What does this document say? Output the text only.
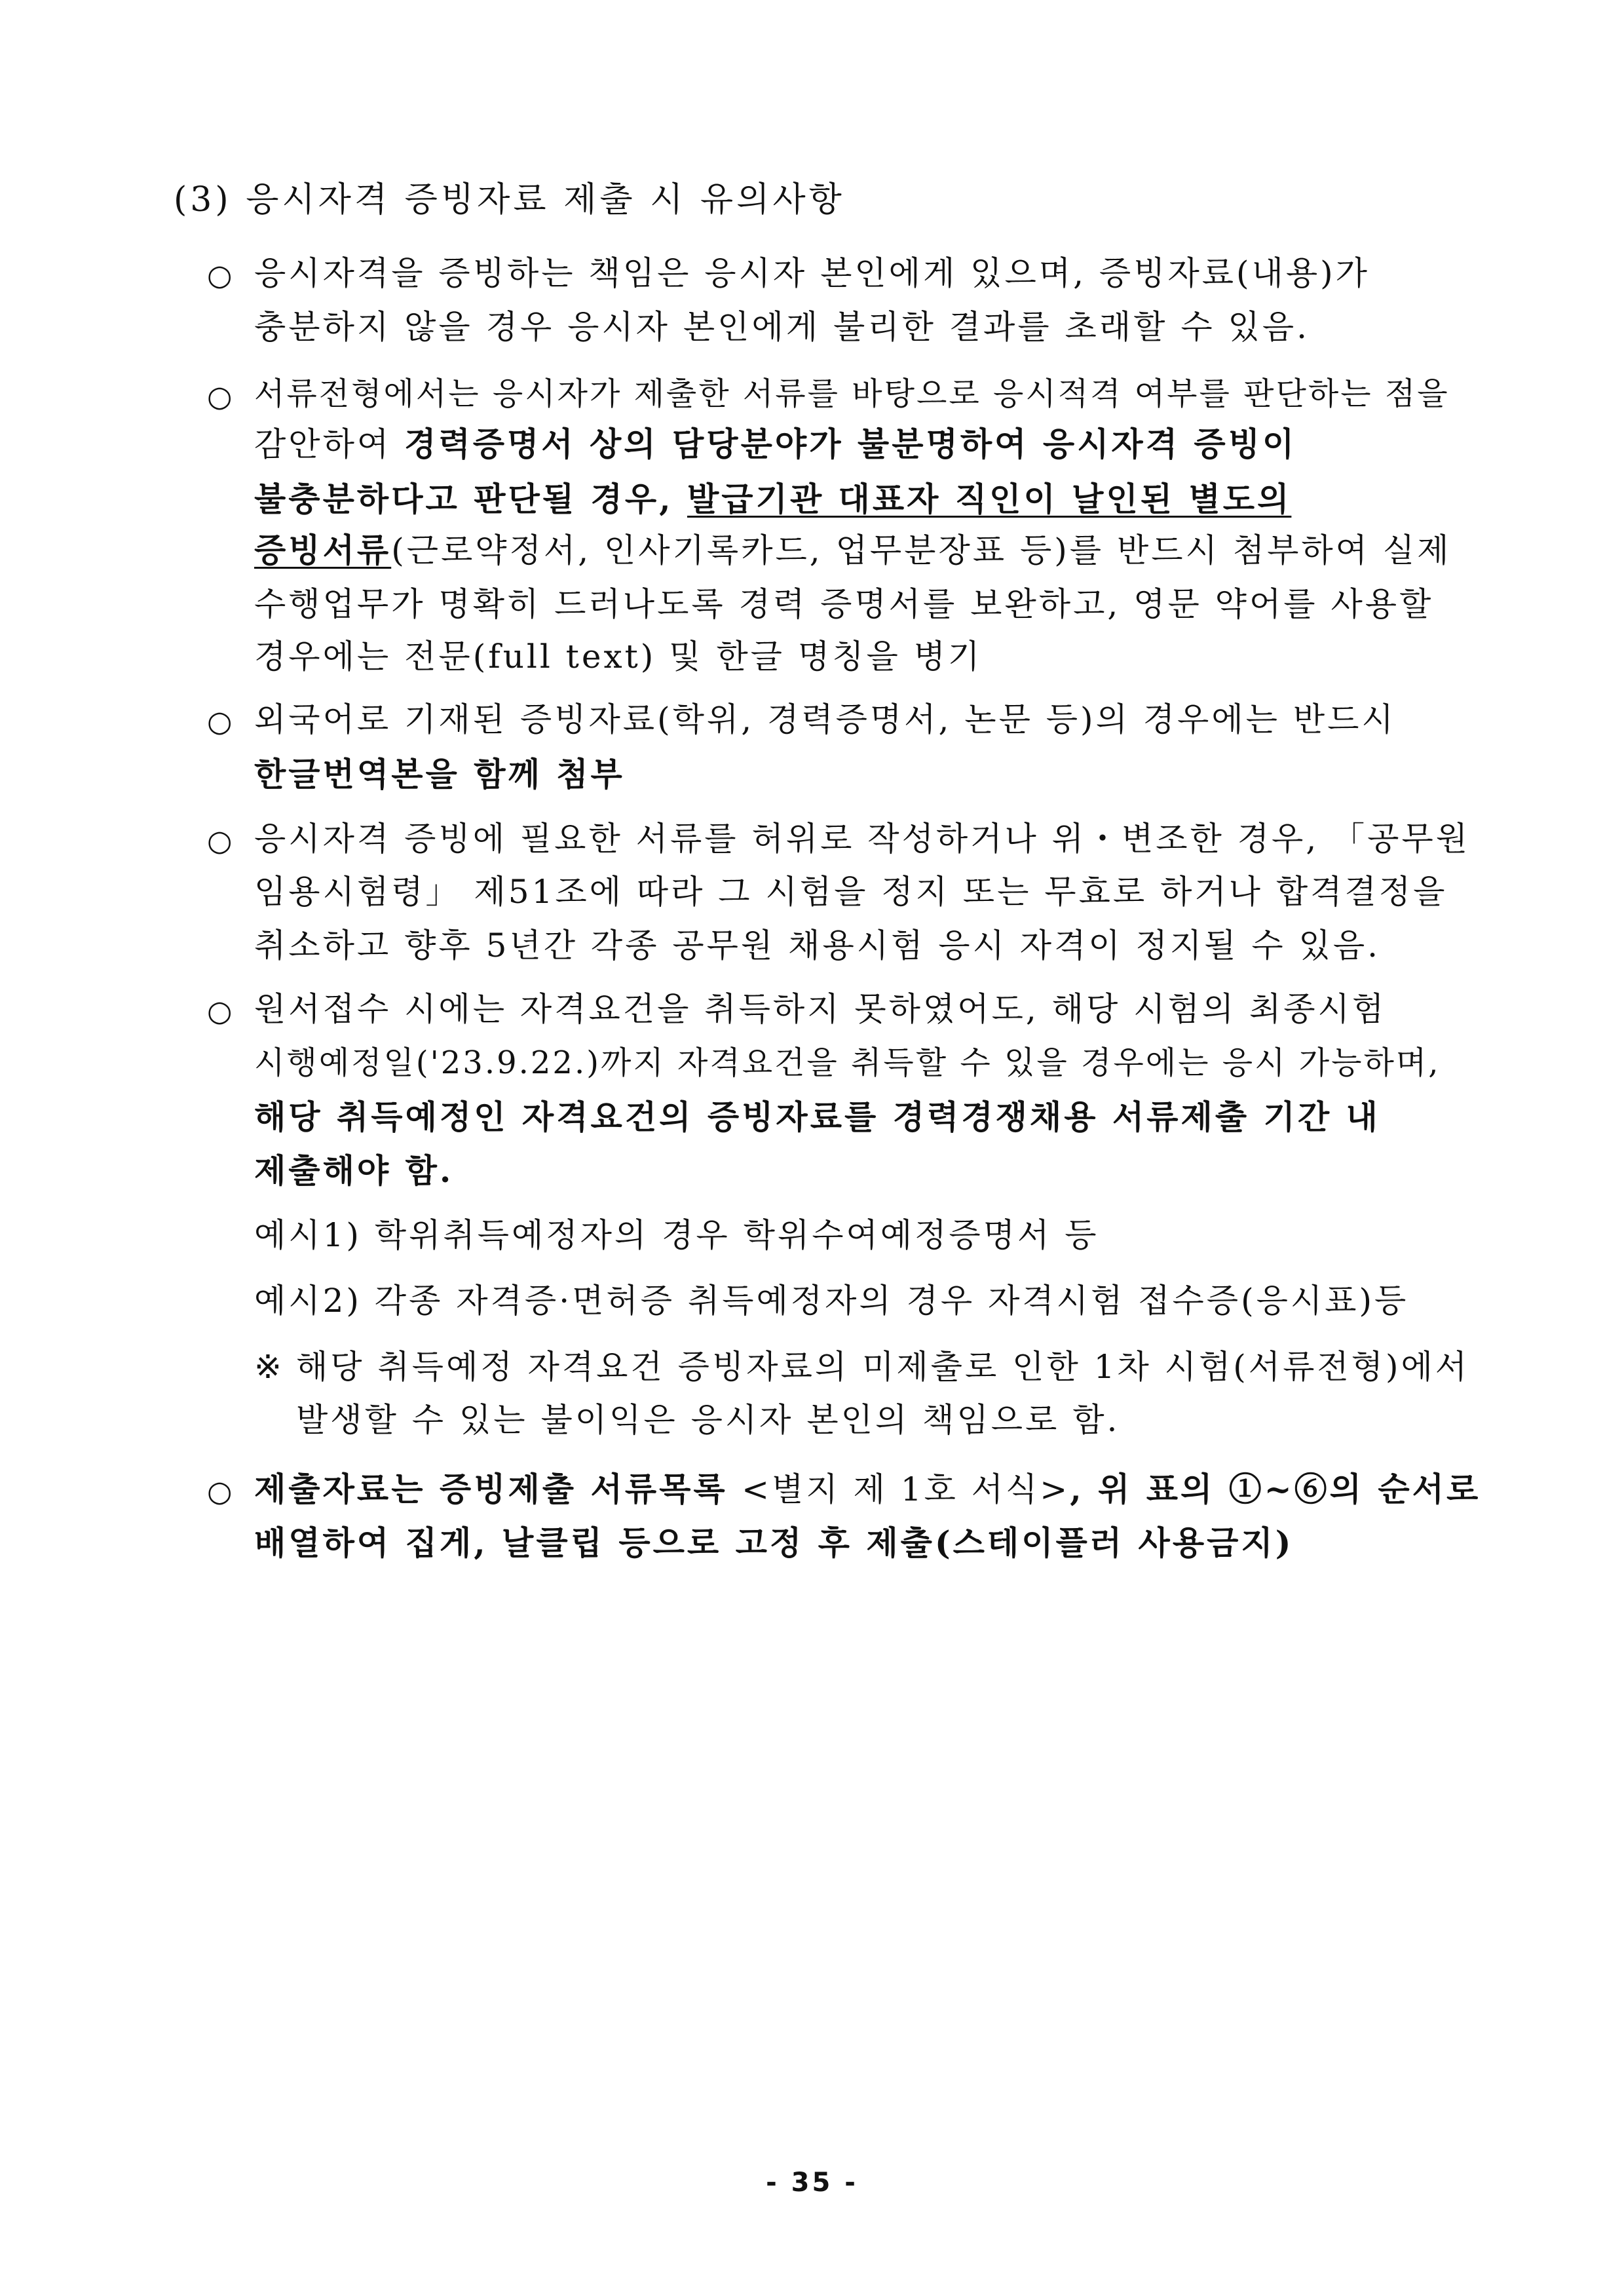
(3) 응시자격 증빙자료 제출 시 유의사항
○ 응시자격을 증빙하는 책임은 응시자 본인에게 있으며, 증빙자료(내용)가
충분하지 않을 경우 응시자 본인에게 불리한 결과를 초래할 수 있음.
○ 서류전형에서는 응시자가 제출한 서류를 바탕으로 응시적격 여부를 판단하는 점을
감안하여 경력증명서 상의 담당분야가 불분명하여 응시자격 증빙이
불충분하다고 판단될 경우, 발급기관 대표자 직인이 날인된 별도의
증빙서류(근로약정서, 인사기록카드, 업무분장표 등)를 반드시 첨부하여 실제
수행업무가 명확히 드러나도록 경력 증명서를 보완하고, 영문 약어를 사용할
경우에는 전문(full text) 및 한글 명칭을 병기
○ 외국어로 기재된 증빙자료(학위, 경력증명서, 논문 등)의 경우에는 반드시
한글번역본을 함께 첨부
○ 응시자격 증빙에 필요한 서류를 허위로 작성하거나 위・변조한 경우, 「공무원
임용시험령」 제51조에 따라 그 시험을 정지 또는 무효로 하거나 합격결정을
취소하고 향후 5년간 각종 공무원 채용시험 응시 자격이 정지될 수 있음.
○ 원서접수 시에는 자격요건을 취득하지 못하였어도, 해당 시험의 최종시험
시행예정일('23.9.22.)까지 자격요건을 취득할 수 있을 경우에는 응시 가능하며,
해당 취득예정인 자격요건의 증빙자료를 경력경쟁채용 서류제출 기간 내
제출해야 함.
예시1) 학위취득예정자의 경우 학위수여예정증명서 등
예시2) 각종 자격증·면허증 취득예정자의 경우 자격시험 접수증(응시표)등
※ 해당 취득예정 자격요건 증빙자료의 미제출로 인한 1차 시험(서류전형)에서
발생할 수 있는 불이익은 응시자 본인의 책임으로 함.
○ 제출자료는 증빙제출 서류목록 <별지 제 1호 서식>, 위 표의 ①~⑥의 순서로
배열하여 집게, 날클립 등으로 고정 후 제출(스테이플러 사용금지)
- 35 -
